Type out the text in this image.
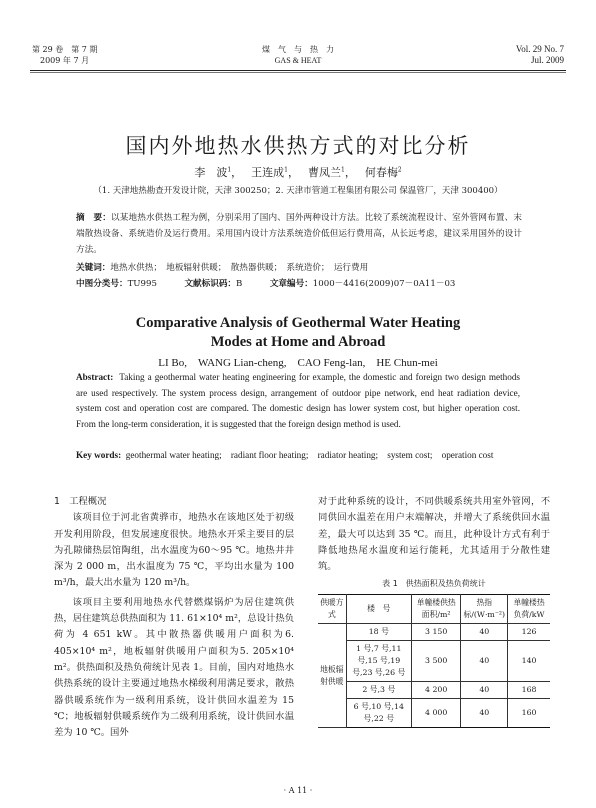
第 29 卷　第 7 期
2009 年 7 月
煤　气　与　热　力
GAS & HEAT
Vol. 29 No. 7
Jul. 2009
国内外地热水供热方式的对比分析
李　波$^1$，　 王连成$^1$，　 曹凤兰$^1$，　 何春梅$^2$
（1. 天津地热勘查开发设计院，天津 300250；2. 天津市管道工程集团有限公司 保温管厂，天津 300400）
摘　要：以某地热水供热工程为例，分别采用了国内、国外两种设计方法。比较了系统流程设计、室外管网布置、末端散热设备、系统造价及运行费用。采用国内设计方法系统造价低但运行费用高，从长远考虑，建议采用国外的设计方法。
关键词：地热水供热；　地板辐射供暖；　散热器供暖；　系统造价；　运行费用
中图分类号：TU995	文献标识码：B	文章编号：1000－4416(2009)07－0A11－03
Comparative Analysis of Geothermal Water Heating
Modes at Home and Abroad
LI Bo,　WANG Lian-cheng,　CAO Feng-lan,　HE Chun-mei
Abstract: Taking a geothermal water heating engineering for example, the domestic and foreign two design methods are used respectively. The system process design, arrangement of outdoor pipe network, end heat radiation device, system cost and operation cost are compared. The domestic design has lower system cost, but higher operation cost. From the long-term consideration, it is suggested that the foreign design method is used.
Key words: geothermal water heating;　radiant floor heating;　radiator heating;　system cost;　operation cost

1　工程概况

该项目位于河北省黄骅市，地热水在该地区处于初级开发利用阶段，但发展速度很快。地热水开采主要目的层为孔隙储热层馆陶组，出水温度为60～95 ℃。地热井井深为 2 000 m，出水温度为 75 ℃，平均出水量为 100 m³/h，最大出水量为 120 m³/h。

该项目主要利用地热水代替燃煤锅炉为居住建筑供热，居住建筑总供热面积为 11. 61×10⁴ m²，总设计热负荷为 4 651 kW。其中散热器供暖用户面积为6. 405×10⁴ m²，地板辐射供暖用户面积为5. 205×10⁴ m²。供热面积及热负荷统计见表 1。目前，国内对地热水供热系统的设计主要通过地热水梯级利用满足要求，散热器供暖系统作为一级利用系统，设计供回水温差为 15 ℃；地板辐射供暖系统作为二级利用系统，设计供回水温差为 10 ℃。国外

对于此种系统的设计，不同供暖系统共用室外管网，不同供回水温差在用户末端解决，并增大了系统供回水温差，最大可以达到 35 ℃。而且，此种设计方式有利于降低地热尾水温度和运行能耗，尤其适用于分散性建筑。

表 1　供热面积及热负荷统计
供暖方式	楼　号	单幢楼供热面积/m²	热指标/(W·m⁻²)	单幢楼热负荷/kW
地板辐射供暖	18 号	3 150	40	126
	1 号,7 号,11 号,15 号,19 号,23 号,26 号	3 500	40	140
	2 号,3 号	4 200	40	168
	6 号,10 号,14 号,22 号	4 000	40	160
· A 11 ·
